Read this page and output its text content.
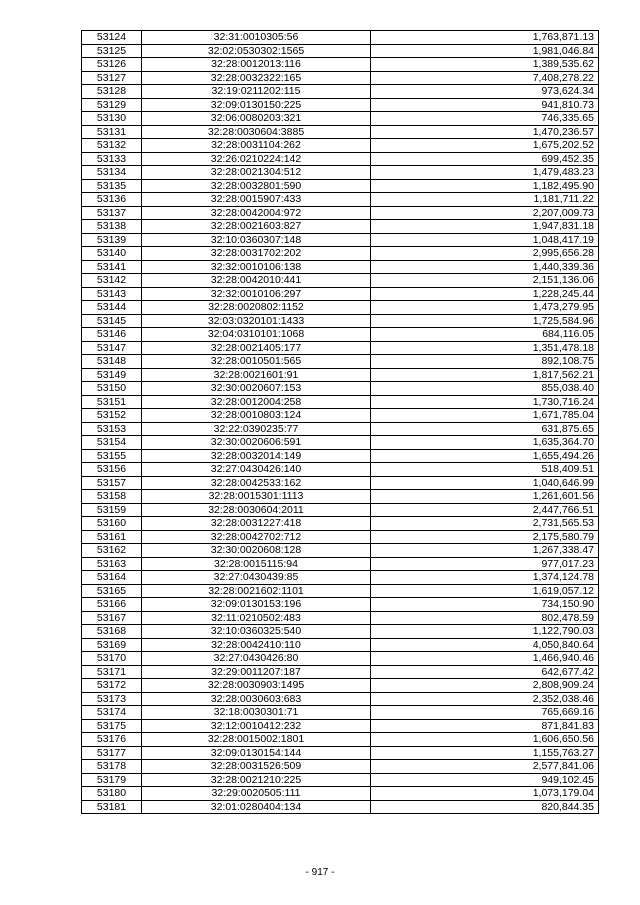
53124	32:31:0010305:56	1,763,871.13
53125	32:02:0530302:1565	1,981,046.84
53126	32:28:0012013:116	1,389,535.62
53127	32:28:0032322:165	7,408,278.22
53128	32:19:0211202:115	973,624.34
53129	32:09:0130150:225	941,810.73
53130	32:06:0080203:321	746,335.65
53131	32:28:0030604:3885	1,470,236.57
53132	32:28:0031104:262	1,675,202.52
53133	32:26:0210224:142	699,452.35
53134	32:28:0021304:512	1,479,483.23
53135	32:28:0032801:590	1,182,495.90
53136	32:28:0015907:433	1,181,711.22
53137	32:28:0042004:972	2,207,009.73
53138	32:28:0021603:827	1,947,831.18
53139	32:10:0360307:148	1,048,417.19
53140	32:28:0031702:202	2,995,656.28
53141	32:32:0010106:138	1,440,339.36
53142	32:28:0042010:441	2,151,136.06
53143	32:32:0010106:297	1,228,245.44
53144	32:28:0020802:1152	1,473,279.95
53145	32:03:0320101:1433	1,725,584.96
53146	32:04:0310101:1068	684,116.05
53147	32:28:0021405:177	1,351,478.18
53148	32:28:0010501:565	892,108.75
53149	32:28:0021601:91	1,817,562.21
53150	32:30:0020607:153	855,038.40
53151	32:28:0012004:258	1,730,716.24
53152	32:28:0010803:124	1,671,785.04
53153	32:22:0390235:77	631,875.65
53154	32:30:0020606:591	1,635,364.70
53155	32:28:0032014:149	1,655,494.26
53156	32:27:0430426:140	518,409.51
53157	32:28:0042533:162	1,040,646.99
53158	32:28:0015301:1113	1,261,601.56
53159	32:28:0030604:2011	2,447,766.51
53160	32:28:0031227:418	2,731,565.53
53161	32:28:0042702:712	2,175,580.79
53162	32:30:0020608:128	1,267,338.47
53163	32:28:0015115:94	977,017.23
53164	32:27:0430439:85	1,374,124.78
53165	32:28:0021602:1101	1,619,057.12
53166	32:09:0130153:196	734,150.90
53167	32:11:0210502:483	802,478.59
53168	32:10:0360325:540	1,122,790.03
53169	32:28:0042410:110	4,050,840.64
53170	32:27:0430426:80	1,466,940.46
53171	32:29:0011207:187	642,677.42
53172	32:28:0030903:1495	2,808,909.24
53173	32:28:0030603:683	2,352,038.46
53174	32:18:0030301:71	765,669.16
53175	32:12:0010412:232	871,841.83
53176	32:28:0015002:1801	1,606,650.56
53177	32:09:0130154:144	1,155,763.27
53178	32:28:0031526:509	2,577,841.06
53179	32:28:0021210:225	949,102.45
53180	32:29:0020505:111	1,073,179.04
53181	32:01:0280404:134	820,844.35
- 917 -
